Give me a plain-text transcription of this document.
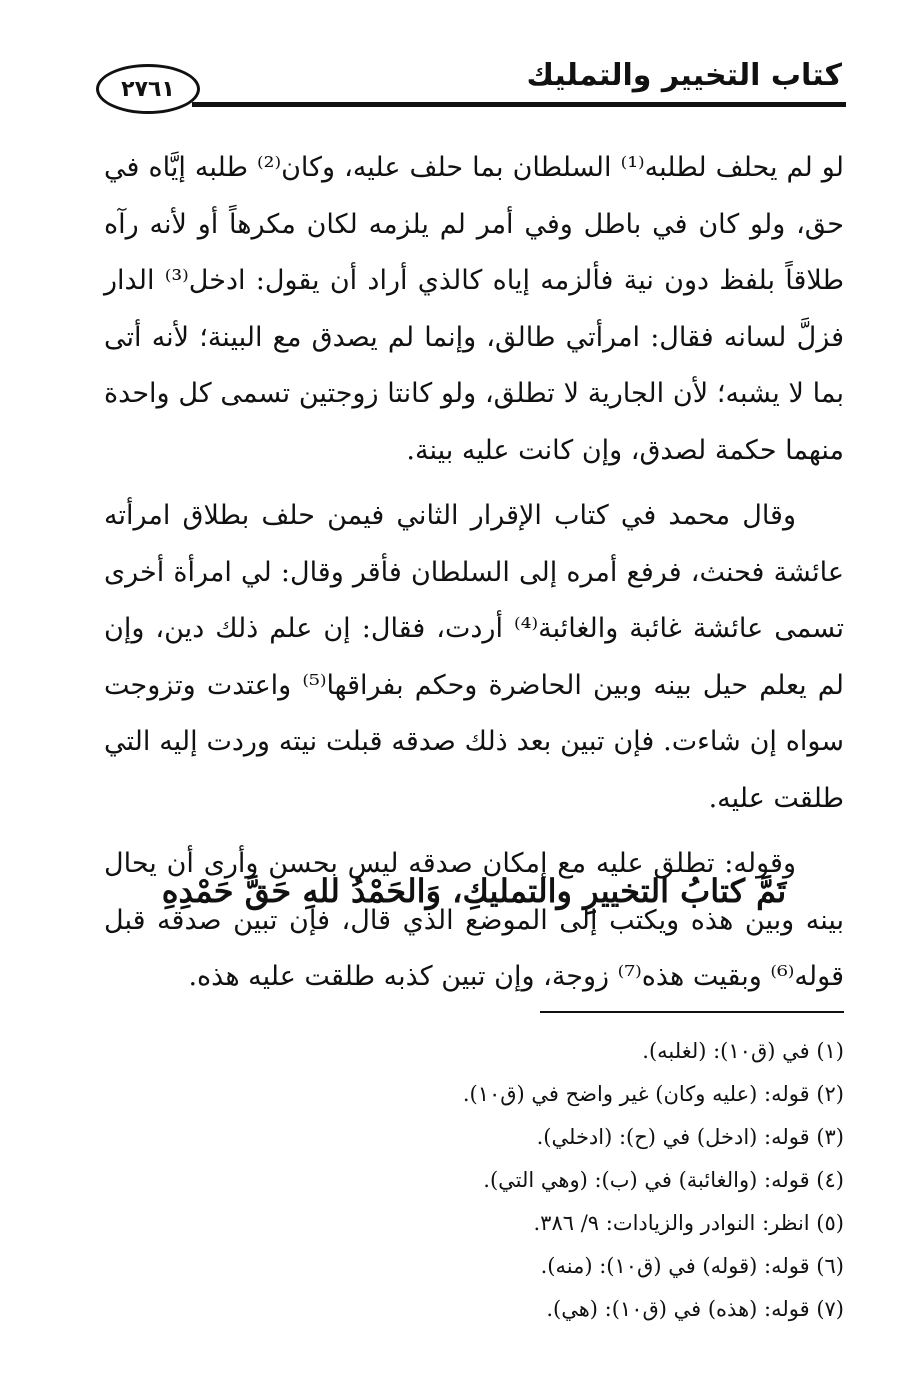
٢٧٦١	كتاب التخيير والتمليك

لو لم يحلف لطلبه⁽¹⁾ السلطان بما حلف عليه، وكان⁽²⁾ طلبه إيَّاه في حق، ولو كان في باطل وفي أمر لم يلزمه لكان مكرهاً أو لأنه رآه طلاقاً بلفظ دون نية فألزمه إياه كالذي أراد أن يقول: ادخل⁽³⁾ الدار فزلَّ لسانه فقال: امرأتي طالق، وإنما لم يصدق مع البينة؛ لأنه أتى بما لا يشبه؛ لأن الجارية لا تطلق، ولو كانتا زوجتين تسمى كل واحدة منهما حكمة لصدق، وإن كانت عليه بينة.

وقال محمد في كتاب الإقرار الثاني فيمن حلف بطلاق امرأته عائشة فحنث، فرفع أمره إلى السلطان فأقر وقال: لي امرأة أخرى تسمى عائشة غائبة والغائبة⁽⁴⁾ أردت، فقال: إن علم ذلك دين، وإن لم يعلم حيل بينه وبين الحاضرة وحكم بفراقها⁽⁵⁾ واعتدت وتزوجت سواه إن شاءت. فإن تبين بعد ذلك صدقه قبلت نيته وردت إليه التي طلقت عليه.

وقوله: تطلق عليه مع إمكان صدقه ليس بحسن وأرى أن يحال بينه وبين هذه ويكتب إلى الموضع الذي قال، فإن تبين صدقه قبل قوله⁽⁶⁾ وبقيت هذه⁽⁷⁾ زوجة، وإن تبين كذبه طلقت عليه هذه.

تَمَّ كتابُ التخييرِ والتمليكِ، وَالحَمْدُ للهِ حَقَّ حَمْدِهِ
(١) في (ق١٠): (لغلبه).
(٢) قوله: (عليه وكان) غير واضح في (ق١٠).
(٣) قوله: (ادخل) في (ح): (ادخلي).
(٤) قوله: (والغائبة) في (ب): (وهي التي).
(٥) انظر: النوادر والزيادات: ٩/ ٣٨٦.
(٦) قوله: (قوله) في (ق١٠): (منه).
(٧) قوله: (هذه) في (ق١٠): (هي).
